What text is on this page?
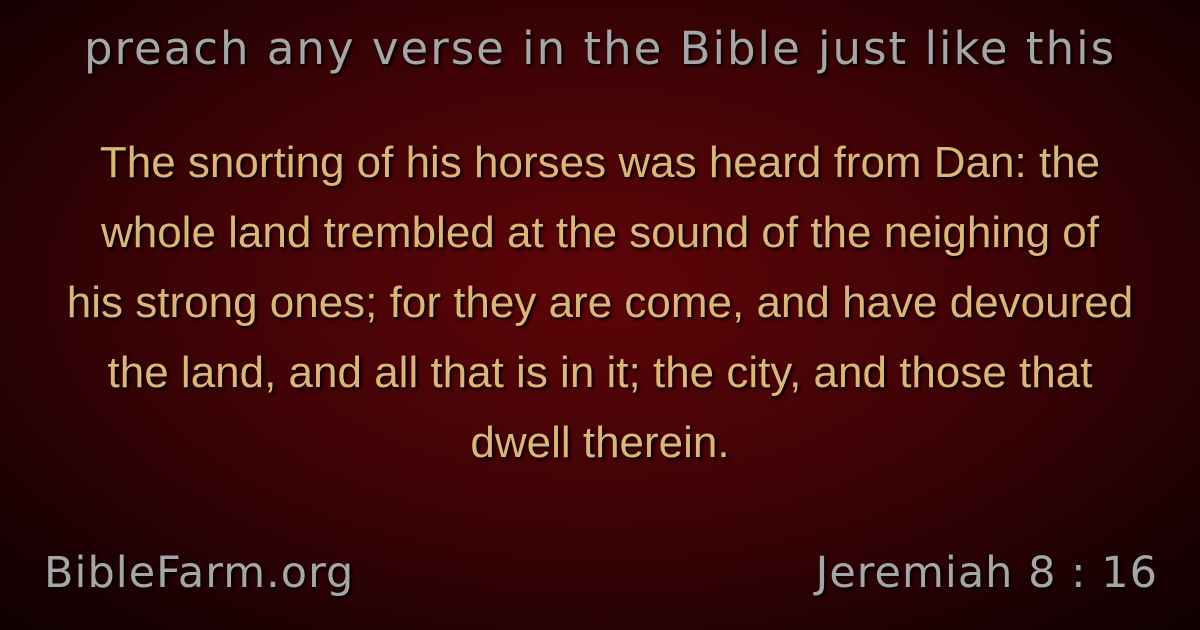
preach any verse in the Bible just like this
The snorting of his horses was heard from Dan: the
whole land trembled at the sound of the neighing of
his strong ones; for they are come, and have devoured
the land, and all that is in it; the city, and those that
dwell therein.
BibleFarm.org	Jeremiah 8 : 16
